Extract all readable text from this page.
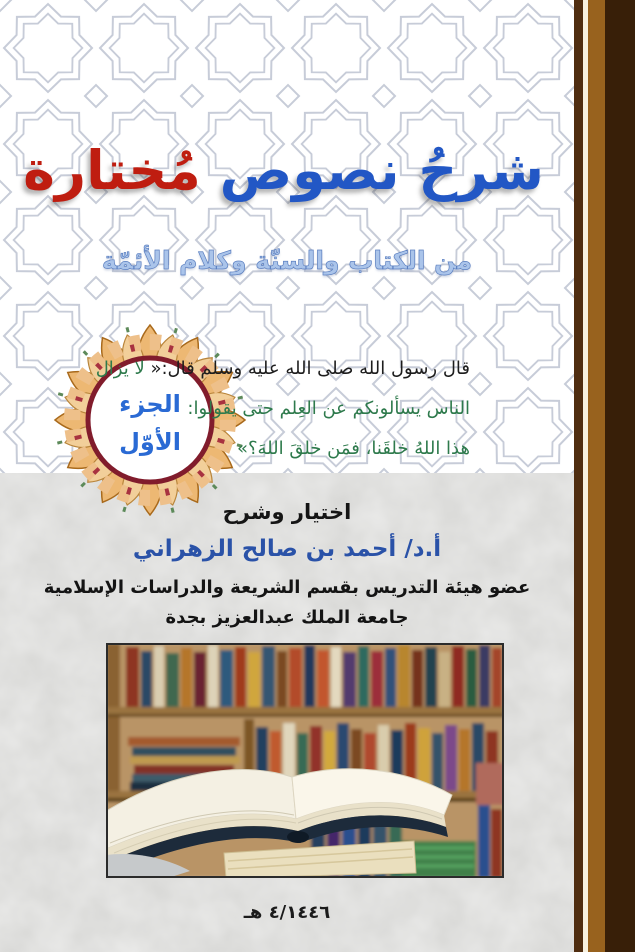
شرحُ نصوص مُختارة
من الكتاب والسنّة وكلام الأئمّة
الجزء
الأوّل
قال رسول الله صلى الله عليه وسلم قال:« لا يزال
الناس يسألونكم عن العِلم حتى يقولوا:
هذا اللهُ خلقَنا، فمَن خلقَ اللهَ؟»
اختيار وشرح
أ.د/ أحمد بن صالح الزهراني
عضو هيئة التدريس بقسم الشريعة والدراسات الإسلامية
جامعة الملك عبدالعزيز بجدة
٤/١٤٤٦ هـ
